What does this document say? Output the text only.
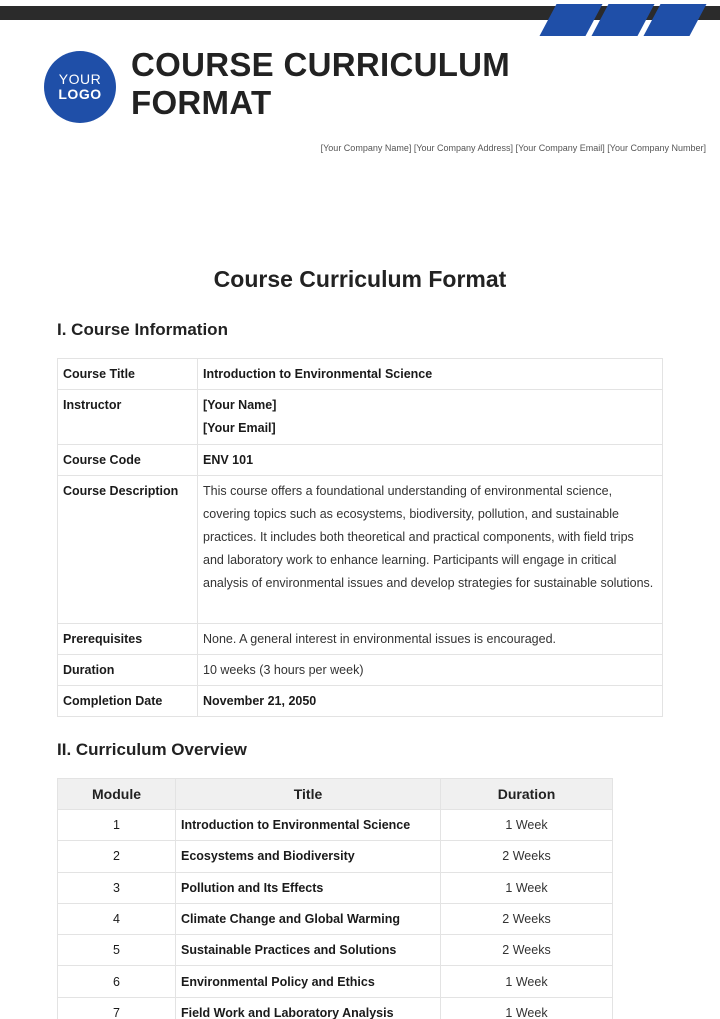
YOUR
LOGO
COURSE CURRICULUM
FORMAT
[Your Company Name] [Your Company Address] [Your Company Email] [Your Company Number]
Course Curriculum Format
I. Course Information
Course Title	Introduction to Environmental Science
Instructor	[Your Name]
[Your Email]

Course Code	ENV 101
Course Description	This course offers a foundational understanding of environmental science, covering topics such as ecosystems, biodiversity, pollution, and sustainable practices. It includes both theoretical and practical components, with field trips and laboratory work to enhance learning. Participants will engage in critical analysis of environmental issues and develop strategies for sustainable solutions.
Prerequisites	None. A general interest in environmental issues is encouraged.
Duration	10 weeks (3 hours per week)
Completion Date	November 21, 2050
II. Curriculum Overview
Module	Title	Duration
1	Introduction to Environmental Science	1 Week
2	Ecosystems and Biodiversity	2 Weeks
3	Pollution and Its Effects	1 Week
4	Climate Change and Global Warming	2 Weeks
5	Sustainable Practices and Solutions	2 Weeks
6	Environmental Policy and Ethics	1 Week
7	Field Work and Laboratory Analysis	1 Week
